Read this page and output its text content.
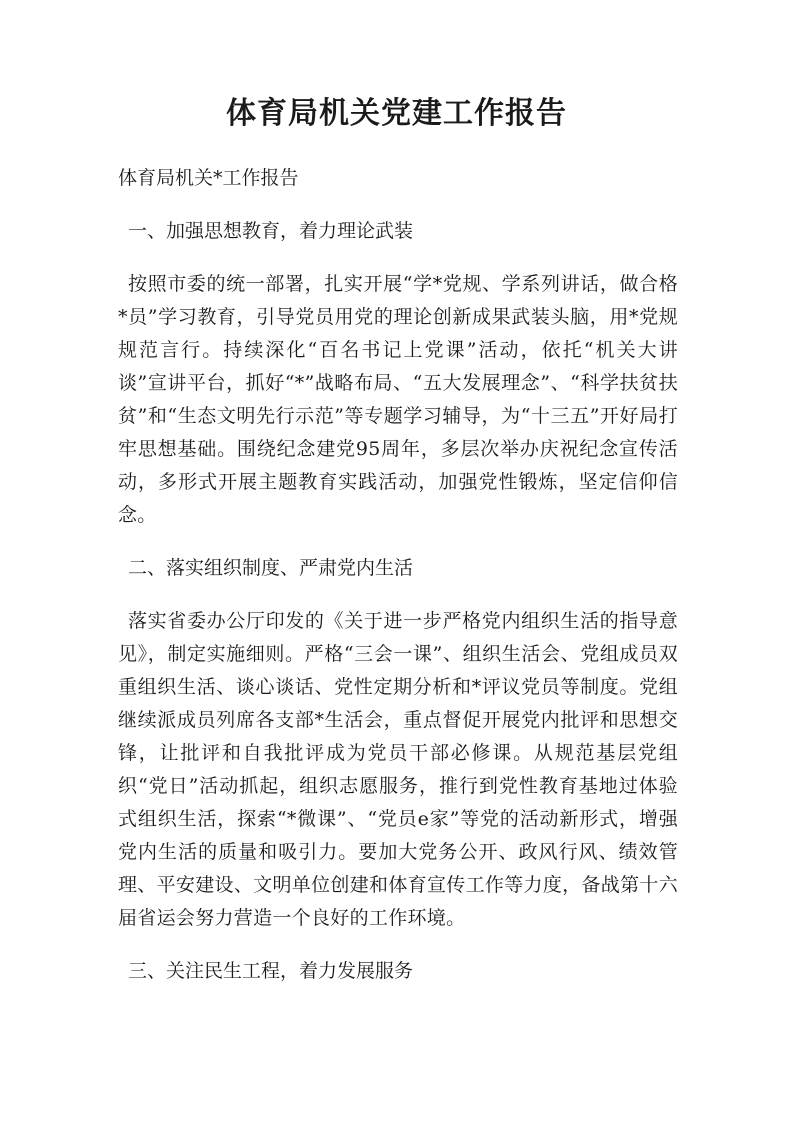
体育局机关党建工作报告
体育局机关*工作报告
一、加强思想教育，着力理论武装
按照市委的统一部署，扎实开展“学*党规、学系列讲话，做合格*员”学习教育，引导党员用党的理论创新成果武装头脑，用*党规规范言行。持续深化“百名书记上党课”活动，依托“机关大讲谈”宣讲平台，抓好“*”战略布局、“五大发展理念”、“科学扶贫扶贫”和“生态文明先行示范”等专题学习辅导，为“十三五”开好局打牢思想基础。围绕纪念建党95周年，多层次举办庆祝纪念宣传活动，多形式开展主题教育实践活动，加强党性锻炼，坚定信仰信念。
二、落实组织制度、严肃党内生活
落实省委办公厅印发的《关于进一步严格党内组织生活的指导意见》，制定实施细则。严格“三会一课”、组织生活会、党组成员双重组织生活、谈心谈话、党性定期分析和*评议党员等制度。党组继续派成员列席各支部*生活会，重点督促开展党内批评和思想交锋，让批评和自我批评成为党员干部必修课。从规范基层党组织“党日”活动抓起，组织志愿服务，推行到党性教育基地过体验式组织生活，探索“*微课”、“党员e家”等党的活动新形式，增强党内生活的质量和吸引力。要加大党务公开、政风行风、绩效管理、平安建设、文明单位创建和体育宣传工作等力度，备战第十六届省运会努力营造一个良好的工作环境。
三、关注民生工程，着力发展服务
